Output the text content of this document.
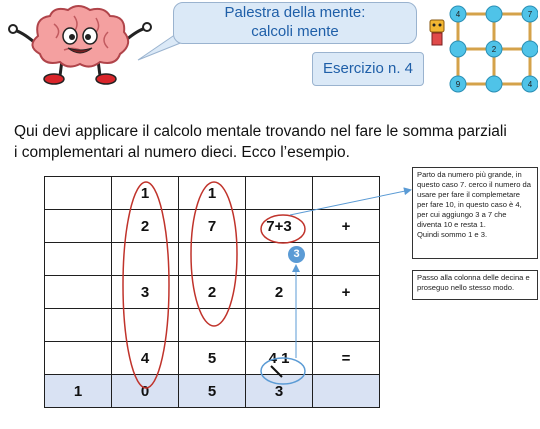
Palestra della mente:
calcoli mente
Esercizio n. 4
4	7
2
9	4
Qui devi applicare il calcolo mentale trovando nel fare le somma parziali i complementari al numero dieci. Ecco l’esempio.
	1	1		
	2	7	7+3	+

	3	2	2	+

	4	5	4 1	=
1	0	5	3	
3
Parto da numero più grande, in questo caso 7. cerco il numero da usare per fare il complemetare per fare 10, in questo caso è 4, per cui aggiungo 3 a 7 che diventa 10 e resta 1.
Quindi sommo 1 e 3.
Passo alla colonna delle decina e proseguo nello stesso modo.
